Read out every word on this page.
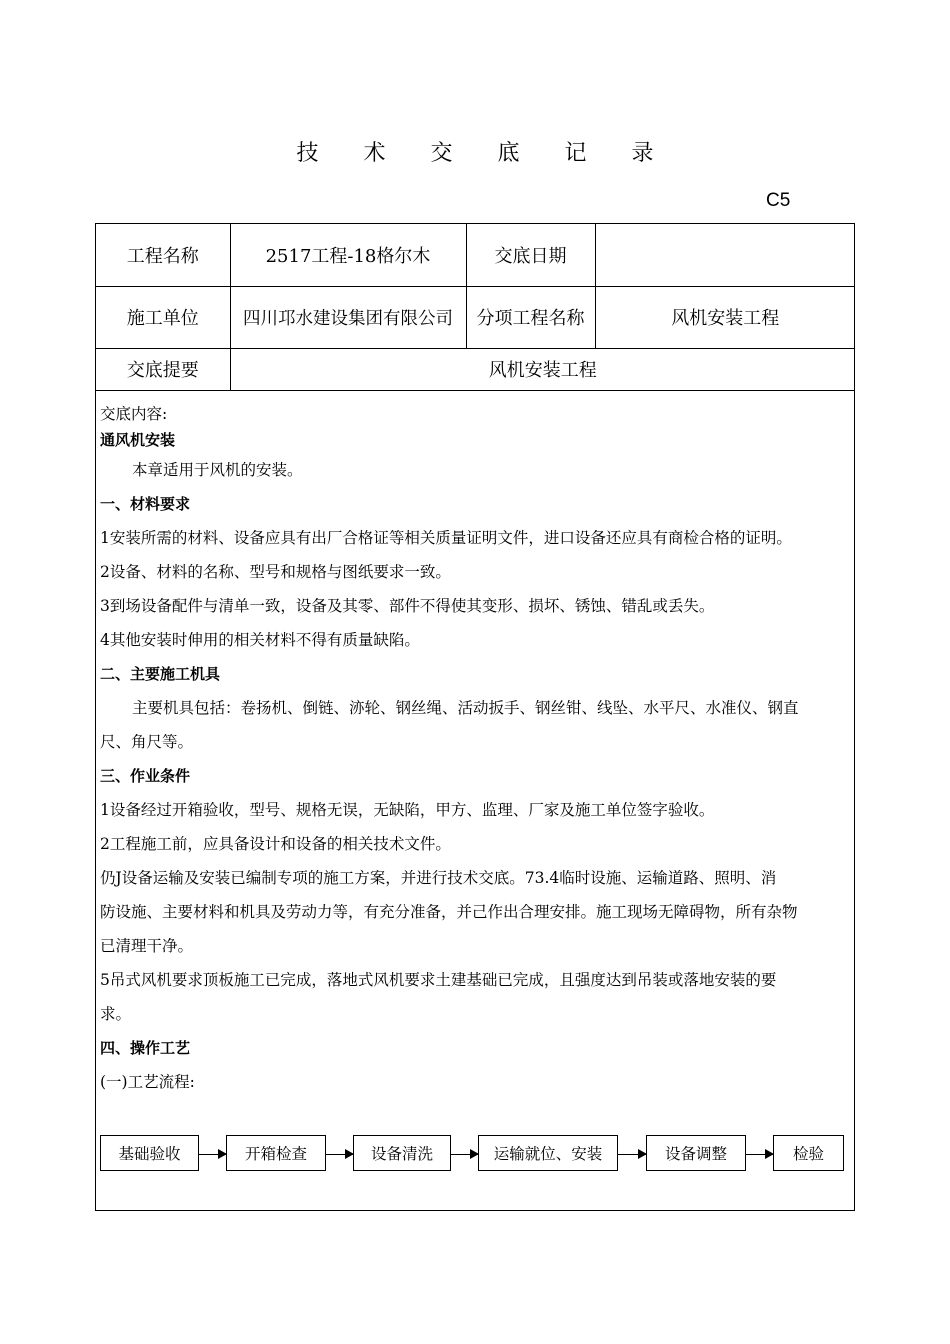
技 术 交 底 记 录
C5
工程名称	2517工程-18格尔木	交底日期	
施工单位	四川邛水建设集团有限公司	分项工程名称	风机安装工程
交底提要	风机安装工程		
交底内容:
通风机安装
本章适用于风机的安装。
一、材料要求
1安装所需的材料、设备应具有出厂合格证等相关质量证明文件，进口设备还应具有商检合格的证明。
2设备、材料的名称、型号和规格与图纸要求一致。
3到场设备配件与清单一致，设备及其零、部件不得使其变形、损坏、锈蚀、错乱或丢失。
4其他安装时伸用的相关材料不得有质量缺陷。
二、主要施工机具
主要机具包括：卷扬机、倒链、洂轮、钢丝绳、活动扳手、钢丝钳、线坠、水平尺、水准仪、钢直
尺、角尺等。
三、作业条件
1设备经过开箱验收，型号、规格无误，无缺陷，甲方、监理、厂家及施工单位签字验收。
2工程施工前，应具备设计和设备的相关技术文件。
仍J设备运输及安装已编制专项的施工方案，并进行技术交底。73.4临时设施、运输道路、照明、消
防设施、主要材料和机具及劳动力等，有充分准备，并己作出合理安排。施工现场无障碍物，所有杂物
已清理干净。
5吊式风机要求顶板施工已完成，落地式风机要求土建基础已完成，且强度达到吊装或落地安装的要
求。
四、操作工艺
(一)工艺流程:
基础验收	开箱检查	设备清洗	运输就位、安装	设备调整	检验
